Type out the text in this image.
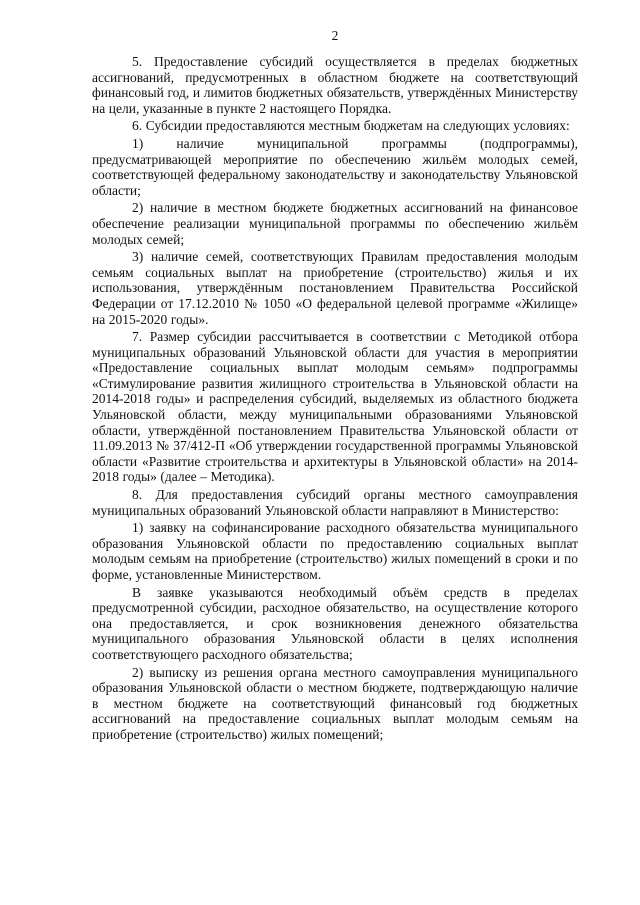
2

5. Предоставление субсидий осуществляется в пределах бюджетных ассигнований, предусмотренных в областном бюджете на соответствующий финансовый год, и лимитов бюджетных обязательств, утверждённых Министерству на цели, указанные в пункте 2 настоящего Порядка.

6. Субсидии предоставляются местным бюджетам на следующих условиях:

1) наличие муниципальной программы (подпрограммы), предусматривающей мероприятие по обеспечению жильём молодых семей, соответствующей федеральному законодательству и законодательству Ульяновской области;

2) наличие в местном бюджете бюджетных ассигнований на финансовое обеспечение реализации муниципальной программы по обеспечению жильём молодых семей;

3) наличие семей, соответствующих Правилам предоставления молодым семьям социальных выплат на приобретение (строительство) жилья и их использования, утверждённым постановлением Правительства Российской Федерации от 17.12.2010 № 1050 «О федеральной целевой программе «Жилище» на 2015-2020 годы».

7. Размер субсидии рассчитывается в соответствии с Методикой отбора муниципальных образований Ульяновской области для участия в мероприятии «Предоставление социальных выплат молодым семьям» подпрограммы «Стимулирование развития жилищного строительства в Ульяновской области на 2014-2018 годы» и распределения субсидий, выделяемых из областного бюджета Ульяновской области, между муниципальными образованиями Ульяновской области, утверждённой постановлением Правительства Ульяновской области от 11.09.2013 № 37/412-П «Об утверждении государственной программы Ульяновской области «Развитие строительства и архитектуры в Ульяновской области» на 2014-2018 годы» (далее – Методика).

8. Для предоставления субсидий органы местного самоуправления муниципальных образований Ульяновской области направляют в Министерство:

1) заявку на софинансирование расходного обязательства муниципального образования Ульяновской области по предоставлению социальных выплат молодым семьям на приобретение (строительство) жилых помещений в сроки и по форме, установленные Министерством.

В заявке указываются необходимый объём средств в пределах предусмотренной субсидии, расходное обязательство, на осуществление которого она предоставляется, и срок возникновения денежного обязательства муниципального образования Ульяновской области в целях исполнения соответствующего расходного обязательства;

2) выписку из решения органа местного самоуправления муниципального образования Ульяновской области о местном бюджете, подтверждающую наличие в местном бюджете на соответствующий финансовый год бюджетных ассигнований на предоставление социальных выплат молодым семьям на приобретение (строительство) жилых помещений;
